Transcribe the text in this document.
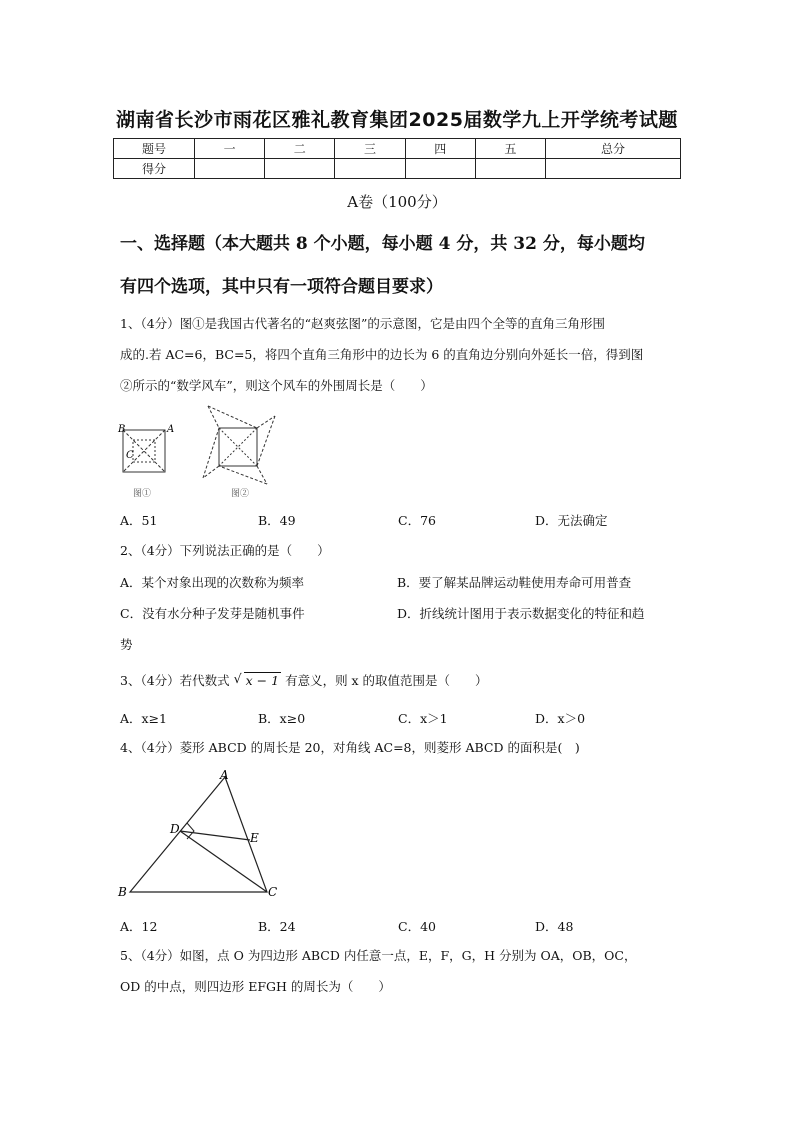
湖南省长沙市雨花区雅礼教育集团2025届数学九上开学统考试题
题号	一	二	三	四	五	总分
得分						
A卷（100分）
一、选择题（本大题共 8 个小题，每小题 4 分，共 32 分，每小题均
有四个选项，其中只有一项符合题目要求）
1、（4分）图①是我国古代著名的“赵爽弦图”的示意图，它是由四个全等的直角三角形围
成的.若 AC=6，BC=5，将四个直角三角形中的边长为 6 的直角边分别向外延长一倍，得到图
②所示的“数学风车”，则这个风车的外围周长是（　　）
B	A
C
图①	图②
A．51	B．49	C．76	D．无法确定
2、（4分）下列说法正确的是（　　）
A．某个对象出现的次数称为频率	B．要了解某品牌运动鞋使用寿命可用普查
C．没有水分种子发芽是随机事件	D．折线统计图用于表示数据变化的特征和趋
势
3、（4分）若代数式 √ x − 1 有意义，则 x 的取值范围是（　　）
A．x≥1	B．x≥0	C．x＞1	D．x＞0
4、（4分）菱形 ABCD 的周长是 20，对角线 AC=8，则菱形 ABCD 的面积是(　)
A
D
E
B	C
A．12	B．24	C．40	D．48
5、（4分）如图，点 O 为四边形 ABCD 内任意一点，E，F，G，H 分别为 OA，OB，OC，
OD 的中点，则四边形 EFGH 的周长为（　　）
